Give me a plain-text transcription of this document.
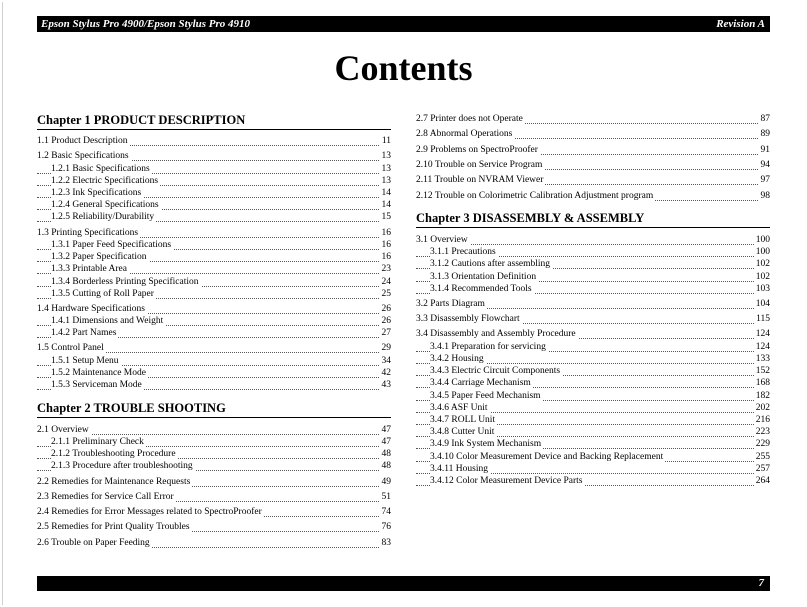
Epson Stylus Pro 4900/Epson Stylus Pro 4910	Revision A
Contents
Chapter 1 PRODUCT DESCRIPTION
1.1 Product Description	11
1.2 Basic Specifications	13
1.2.1 Basic Specifications	13
1.2.2 Electric Specifications	13
1.2.3 Ink Specifications	14
1.2.4 General Specifications	14
1.2.5 Reliability/Durability	15
1.3 Printing Specifications	16
1.3.1 Paper Feed Specifications	16
1.3.2 Paper Specification	16
1.3.3 Printable Area	23
1.3.4 Borderless Printing Specification	24
1.3.5 Cutting of Roll Paper	25
1.4 Hardware Specifications	26
1.4.1 Dimensions and Weight	26
1.4.2 Part Names	27
1.5 Control Panel	29
1.5.1 Setup Menu	34
1.5.2 Maintenance Mode	42
1.5.3 Serviceman Mode	43
Chapter 2 TROUBLE SHOOTING
2.1 Overview	47
2.1.1 Preliminary Check	47
2.1.2 Troubleshooting Procedure	48
2.1.3 Procedure after troubleshooting	48
2.2 Remedies for Maintenance Requests	49
2.3 Remedies for Service Call Error	51
2.4 Remedies for Error Messages related to SpectroProofer	74
2.5 Remedies for Print Quality Troubles	76
2.6 Trouble on Paper Feeding	83
2.7 Printer does not Operate	87
2.8 Abnormal Operations	89
2.9 Problems on SpectroProofer	91
2.10 Trouble on Service Program	94
2.11 Trouble on NVRAM Viewer	97
2.12 Trouble on Colorimetric Calibration Adjustment program	98
Chapter 3 DISASSEMBLY & ASSEMBLY
3.1 Overview	100
3.1.1 Precautions	100
3.1.2 Cautions after assembling	102
3.1.3 Orientation Definition	102
3.1.4 Recommended Tools	103
3.2 Parts Diagram	104
3.3 Disassembly Flowchart	115
3.4 Disassembly and Assembly Procedure	124
3.4.1 Preparation for servicing	124
3.4.2 Housing	133
3.4.3 Electric Circuit Components	152
3.4.4 Carriage Mechanism	168
3.4.5 Paper Feed Mechanism	182
3.4.6 ASF Unit	202
3.4.7 ROLL Unit	216
3.4.8 Cutter Unit	223
3.4.9 Ink System Mechanism	229
3.4.10 Color Measurement Device and Backing Replacement	255
3.4.11 Housing	257
3.4.12 Color Measurement Device Parts	264
7
